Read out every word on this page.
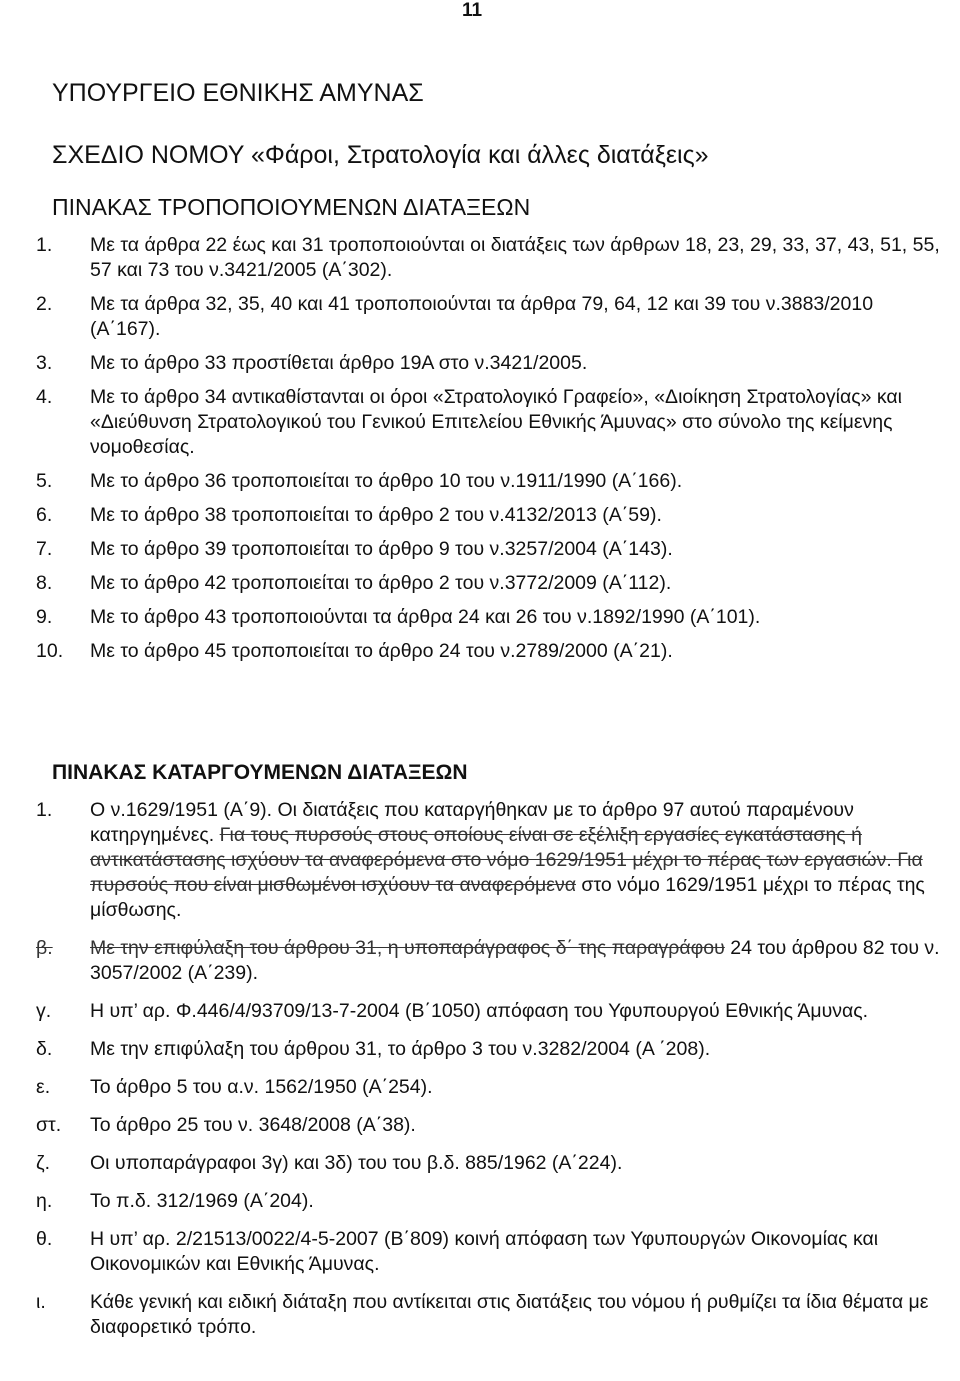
11
ΥΠΟΥΡΓΕΙΟ ΕΘΝΙΚΗΣ ΑΜΥΝΑΣ
ΣΧΕΔΙΟ ΝΟΜΟΥ «Φάροι, Στρατολογία και άλλες διατάξεις»
ΠΙΝΑΚΑΣ ΤΡΟΠΟΠΟΙΟΥΜΕΝΩΝ ΔΙΑΤΑΞΕΩΝ
1.	Με τα άρθρα 22 έως και 31 τροποποιούνται οι διατάξεις των άρθρων 18, 23, 29, 33, 37, 43, 51, 55, 57 και 73 του ν.3421/2005 (Α΄302).
2.	Με τα άρθρα 32, 35, 40 και 41 τροποποιούνται τα άρθρα 79, 64, 12 και 39 του ν.3883/2010 (Α΄167).
3.	Με το άρθρο 33 προστίθεται άρθρο 19Α στο ν.3421/2005.
4.	Με το άρθρο 34 αντικαθίστανται οι όροι «Στρατολογικό Γραφείο», «Διοίκηση Στρατολογίας» και «Διεύθυνση Στρατολογικού του Γενικού Επιτελείου Εθνικής Άμυνας» στο σύνολο της κείμενης νομοθεσίας.
5.	Με το άρθρο 36 τροποποιείται το άρθρο 10 του ν.1911/1990 (Α΄166).
6.	Με το άρθρο 38 τροποποιείται το άρθρο 2 του ν.4132/2013 (Α΄59).
7.	Με το άρθρο 39 τροποποιείται το άρθρο 9 του ν.3257/2004 (Α΄143).
8.	Με το άρθρο 42 τροποποιείται το άρθρο 2 του ν.3772/2009 (Α΄112).
9.	Με το άρθρο 43 τροποποιούνται τα άρθρα 24 και 26 του ν.1892/1990 (Α΄101).
10.	Με το άρθρο 45 τροποποιείται το άρθρο 24 του ν.2789/2000 (Α΄21).
ΠΙΝΑΚΑΣ ΚΑΤΑΡΓΟΥΜΕΝΩΝ ΔΙΑΤΑΞΕΩΝ
1.	Ο ν.1629/1951 (Α΄9). Οι διατάξεις που καταργήθηκαν με το άρθρο 97 αυτού παραμένουν κατηργημένες. Για τους πυρσούς στους οποίους είναι σε εξέλιξη εργασίες εγκατάστασης ή αντικατάστασης ισχύουν τα αναφερόμενα στο νόμο 1629/1951 μέχρι το πέρας των εργασιών. Για πυρσούς που είναι μισθωμένοι ισχύουν τα αναφερόμενα στο νόμο 1629/1951 μέχρι το πέρας της μίσθωσης.
β.	Με την επιφύλαξη του άρθρου 31, η υποπαράγραφος δ΄ της παραγράφου 24 του άρθρου 82 του ν. 3057/2002 (Α΄239).
γ.	Η υπ’ αρ. Φ.446/4/93709/13-7-2004 (Β΄1050) απόφαση του Υφυπουργού Εθνικής Άμυνας.
δ.	Με την επιφύλαξη του άρθρου 31, το άρθρο 3 του ν.3282/2004 (Α ΄208).
ε.	Το άρθρο 5 του α.ν. 1562/1950 (Α΄254).
στ.	Το άρθρο 25 του ν. 3648/2008 (Α΄38).
ζ.	Οι υποπαράγραφοι 3γ) και 3δ) του του β.δ. 885/1962 (Α΄224).
η.	Το π.δ. 312/1969 (Α΄204).
θ.	Η υπ’ αρ. 2/21513/0022/4-5-2007 (Β΄809) κοινή απόφαση των Υφυπουργών Οικονομίας και Οικονομικών και Εθνικής Άμυνας.
ι.	Κάθε γενική και ειδική διάταξη που αντίκειται στις διατάξεις του νόμου ή ρυθμίζει τα ίδια θέματα με διαφορετικό τρόπο.
